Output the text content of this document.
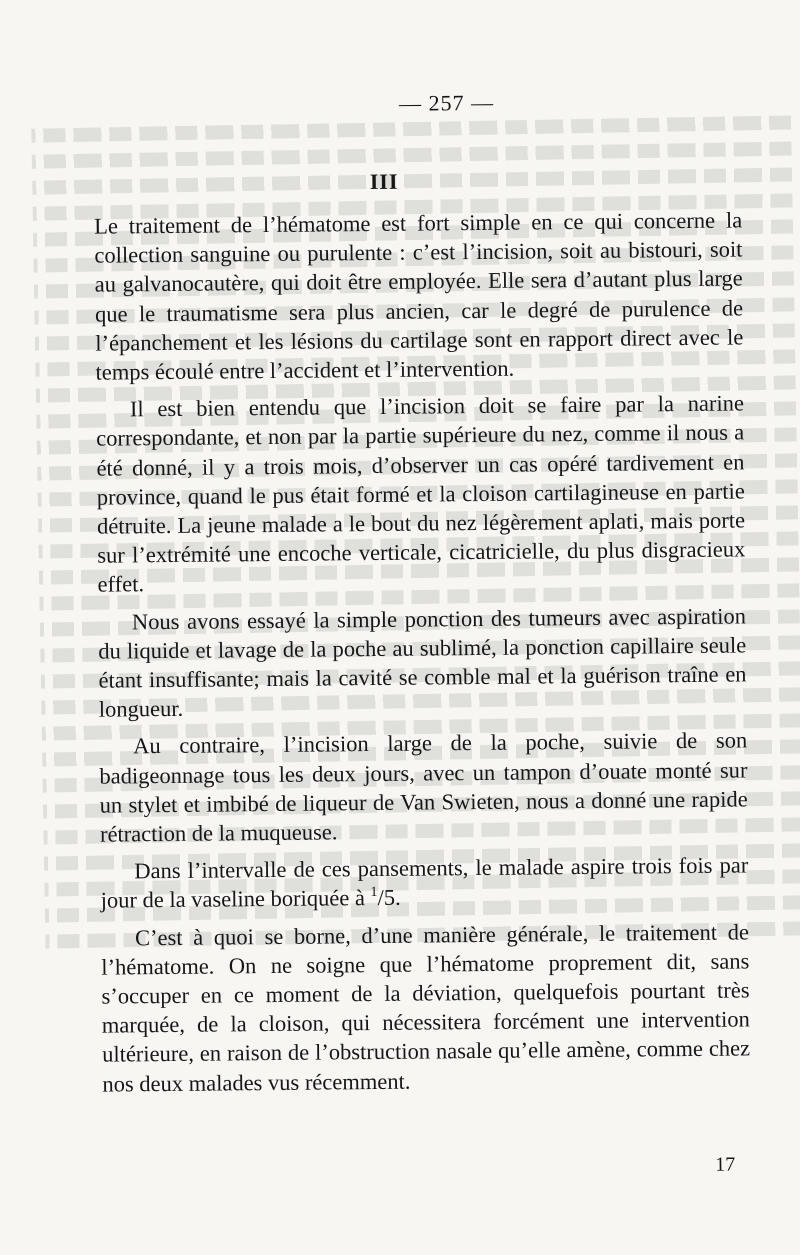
— 257 —
III

Le traitement de l’hématome est fort simple en ce qui concerne la collection sanguine ou purulente : c’est l’incision, soit au bistouri, soit au galvanocautère, qui doit être employée. Elle sera d’autant plus large que le traumatisme sera plus ancien, car le degré de purulence de l’épanchement et les lésions du cartilage sont en rapport direct avec le temps écoulé entre l’accident et l’intervention.

Il est bien entendu que l’incision doit se faire par la narine correspondante, et non par la partie supérieure du nez, comme il nous a été donné, il y a trois mois, d’observer un cas opéré tardivement en province, quand le pus était formé et la cloison cartilagineuse en partie détruite. La jeune malade a le bout du nez légèrement aplati, mais porte sur l’extrémité une encoche verticale, cicatricielle, du plus disgracieux effet.

Nous avons essayé la simple ponction des tumeurs avec aspiration du liquide et lavage de la poche au sublimé, la ponction capillaire seule étant insuffisante; mais la cavité se comble mal et la guérison traîne en longueur.

Au contraire, l’incision large de la poche, suivie de son badigeonnage tous les deux jours, avec un tampon d’ouate monté sur un stylet et imbibé de liqueur de Van Swieten, nous a donné une rapide rétraction de la muqueuse.

Dans l’intervalle de ces pansements, le malade aspire trois fois par jour de la vaseline boriquée à $^1$/5.

C’est à quoi se borne, d’une manière générale, le traitement de l’hématome. On ne soigne que l’hématome proprement dit, sans s’occuper en ce moment de la déviation, quelquefois pourtant très marquée, de la cloison, qui nécessitera forcément une intervention ultérieure, en raison de l’obstruction nasale qu’elle amène, comme chez nos deux malades vus récemment.

17
